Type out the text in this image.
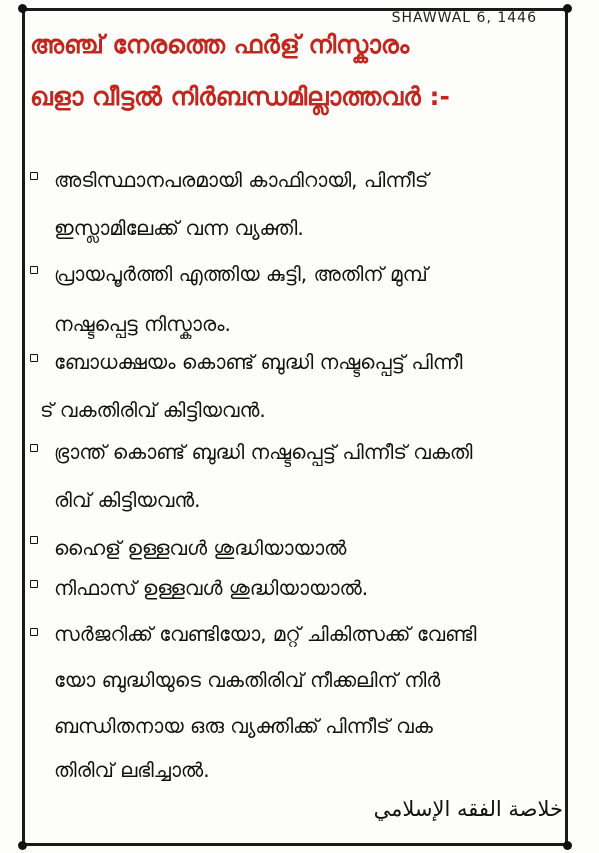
SHAWWAL 6, 1446
അഞ്ച് നേരത്തെ ഫർള് നിസ്കാരം
ഖളാ വീട്ടൽ നിർബന്ധമില്ലാത്തവർ :-
അടിസ്ഥാനപരമായി കാഫിറായി, പിന്നീട്
ഇസ്ലാമിലേക്ക് വന്ന വ്യക്തി.
പ്രായപൂർത്തി എത്തിയ കുട്ടി, അതിന് മുമ്പ്
നഷ്ടപ്പെട്ട നിസ്കാരം.
ബോധക്ഷയം കൊണ്ട് ബുദ്ധി നഷ്ടപ്പെട്ട് പിന്നീ
ട് വകതിരിവ് കിട്ടിയവൻ.
ഭ്രാന്ത് കൊണ്ട് ബുദ്ധി നഷ്ടപ്പെട്ട് പിന്നീട് വകതി
രിവ് കിട്ടിയവൻ.
ഹൈള് ഉള്ളവൾ ശുദ്ധിയായാൽ
നിഫാസ് ഉള്ളവൾ ശുദ്ധിയായാൽ.
സർജറിക്ക് വേണ്ടിയോ, മറ്റ് ചികിത്സക്ക് വേണ്ടി
യോ ബുദ്ധിയുടെ വകതിരിവ് നീക്കലിന് നിർ
ബന്ധിതനായ ഒരു വ്യക്തിക്ക് പിന്നീട് വക
തിരിവ് ലഭിച്ചാൽ.
خلاصة الفقه الإسلامي
